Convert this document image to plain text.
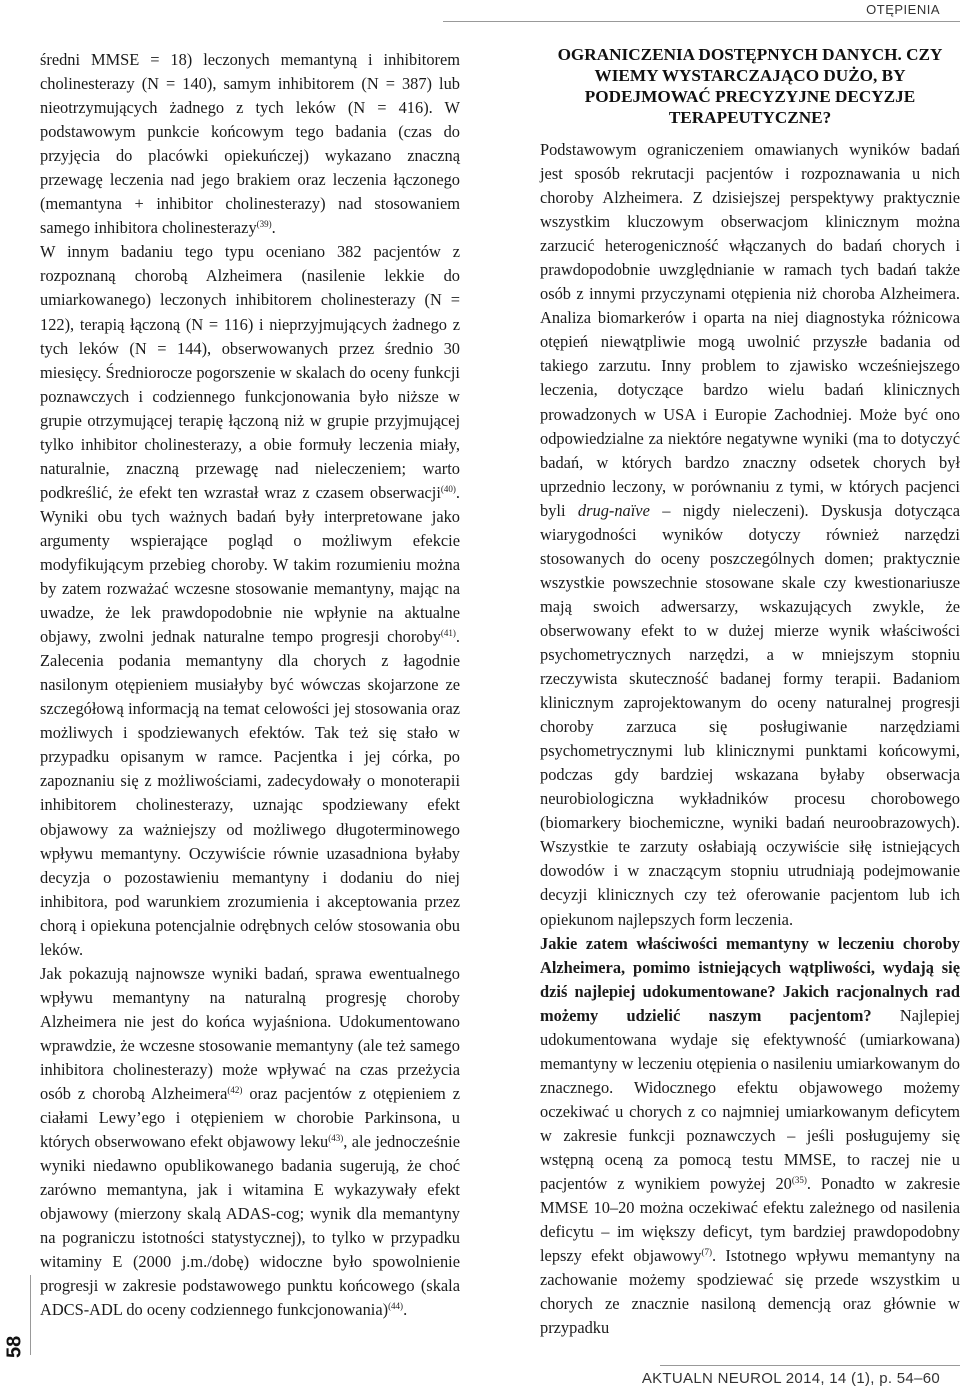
OTĘPIENIA
58

średni MMSE = 18) leczonych memantyną i inhibitorem cholinesterazy (N = 140), samym inhibitorem (N = 387) lub nieotrzymujących żadnego z tych leków (N = 416). W podstawowym punkcie końcowym tego badania (czas do przyjęcia do placówki opiekuńczej) wykazano znaczną przewagę leczenia nad jego brakiem oraz leczenia łączonego (memantyna + inhibitor cholinesterazy) nad stosowaniem samego inhibitora cholinesterazy$^{(39)}$.

W innym badaniu tego typu oceniano 382 pacjentów z rozpoznaną chorobą Alzheimera (nasilenie lekkie do umiarkowanego) leczonych inhibitorem cholinesterazy (N = 122), terapią łączoną (N = 116) i nieprzyjmujących żadnego z tych leków (N = 144), obserwowanych przez średnio 30 miesięcy. Średniorocze pogorszenie w skalach do oceny funkcji poznawczych i codziennego funkcjonowania było niższe w grupie otrzymującej terapię łączoną niż w grupie przyjmującej tylko inhibitor cholinesterazy, a obie formuły leczenia miały, naturalnie, znaczną przewagę nad nieleczeniem; warto podkreślić, że efekt ten wzrastał wraz z czasem obserwacji$^{(40)}$. Wyniki obu tych ważnych badań były interpretowane jako argumenty wspierające pogląd o możliwym efekcie modyfikującym przebieg choroby. W takim rozumieniu można by zatem rozważać wczesne stosowanie memantyny, mając na uwadze, że lek prawdopodobnie nie wpłynie na aktualne objawy, zwolni jednak naturalne tempo progresji choroby$^{(41)}$. Zalecenia podania memantyny dla chorych z łagodnie nasilonym otępieniem musiałyby być wówczas skojarzone ze szczegółową informacją na temat celowości jej stosowania oraz możliwych i spodziewanych efektów. Tak też się stało w przypadku opisanym w ramce. Pacjentka i jej córka, po zapoznaniu się z możliwościami, zadecydowały o monoterapii inhibitorem cholinesterazy, uznając spodziewany efekt objawowy za ważniejszy od możliwego długoterminowego wpływu memantyny. Oczywiście równie uzasadniona byłaby decyzja o pozostawieniu memantyny i dodaniu do niej inhibitora, pod warunkiem zrozumienia i akceptowania przez chorą i opiekuna potencjalnie odrębnych celów stosowania obu leków.

Jak pokazują najnowsze wyniki badań, sprawa ewentualnego wpływu memantyny na naturalną progresję choroby Alzheimera nie jest do końca wyjaśniona. Udokumentowano wprawdzie, że wczesne stosowanie memantyny (ale też samego inhibitora cholinesterazy) może wpływać na czas przeżycia osób z chorobą Alzheimera$^{(42)}$ oraz pacjentów z otępieniem z ciałami Lewy’ego i otępieniem w chorobie Parkinsona, u których obserwowano efekt objawowy leku$^{(43)}$, ale jednocześnie wyniki niedawno opublikowanego badania sugerują, że choć zarówno memantyna, jak i witamina E wykazywały efekt objawowy (mierzony skalą ADAS-cog; wynik dla memantyny na pograniczu istotności statystycznej), to tylko w przypadku witaminy E (2000 j.m./dobę) widoczne było spowolnienie progresji w zakresie podstawowego punktu końcowego (skala ADCS-ADL do oceny codziennego funkcjonowania)$^{(44)}$.

OGRANICZENIA DOSTĘPNYCH DANYCH. CZY WIEMY WYSTARCZAJĄCO DUŻO, BY PODEJMOWAĆ PRECYZYJNE DECYZJE TERAPEUTYCZNE?

Podstawowym ograniczeniem omawianych wyników badań jest sposób rekrutacji pacjentów i rozpoznawania u nich choroby Alzheimera. Z dzisiejszej perspektywy praktycznie wszystkim kluczowym obserwacjom klinicznym można zarzucić heterogeniczność włączanych do badań chorych i prawdopodobnie uwzględnianie w ramach tych badań także osób z innymi przyczynami otępienia niż choroba Alzheimera. Analiza biomarkerów i oparta na niej diagnostyka różnicowa otępień niewątpliwie mogą uwolnić przyszłe badania od takiego zarzutu. Inny problem to zjawisko wcześniejszego leczenia, dotyczące bardzo wielu badań klinicznych prowadzonych w USA i Europie Zachodniej. Może być ono odpowiedzialne za niektóre negatywne wyniki (ma to dotyczyć badań, w których bardzo znaczny odsetek chorych był uprzednio leczony, w porównaniu z tymi, w których pacjenci byli drug-naïve – nigdy nieleczeni). Dyskusja dotycząca wiarygodności wyników dotyczy również narzędzi stosowanych do oceny poszczególnych domen; praktycznie wszystkie powszechnie stosowane skale czy kwestionariusze mają swoich adwersarzy, wskazujących zwykle, że obserwowany efekt to w dużej mierze wynik właściwości psychometrycznych narzędzi, a w mniejszym stopniu rzeczywista skuteczność badanej formy terapii. Badaniom klinicznym zaprojektowanym do oceny naturalnej progresji choroby zarzuca się posługiwanie narzędziami psychometrycznymi lub klinicznymi punktami końcowymi, podczas gdy bardziej wskazana byłaby obserwacja neurobiologiczna wykładników procesu chorobowego (biomarkery biochemiczne, wyniki badań neuroobrazowych). Wszystkie te zarzuty osłabiają oczywiście siłę istniejących dowodów i w znaczącym stopniu utrudniają podejmowanie decyzji klinicznych czy też oferowanie pacjentom lub ich opiekunom najlepszych form leczenia.

Jakie zatem właściwości memantyny w leczeniu choroby Alzheimera, pomimo istniejących wątpliwości, wydają się dziś najlepiej udokumentowane? Jakich racjonalnych rad możemy udzielić naszym pacjentom? Najlepiej udokumentowana wydaje się efektywność (umiarkowana) memantyny w leczeniu otępienia o nasileniu umiarkowanym do znacznego. Widocznego efektu objawowego możemy oczekiwać u chorych z co najmniej umiarkowanym deficytem w zakresie funkcji poznawczych – jeśli posługujemy się wstępną oceną za pomocą testu MMSE, to raczej nie u pacjentów z wynikiem powyżej 20$^{(35)}$. Ponadto w zakresie MMSE 10–20 można oczekiwać efektu zależnego od nasilenia deficytu – im większy deficyt, tym bardziej prawdopodobny lepszy efekt objawowy$^{(7)}$. Istotnego wpływu memantyny na zachowanie możemy spodziewać się przede wszystkim u chorych ze znacznie nasiloną demencją oraz głównie w przypadku

AKTUALN NEUROL 2014, 14 (1), p. 54–60
